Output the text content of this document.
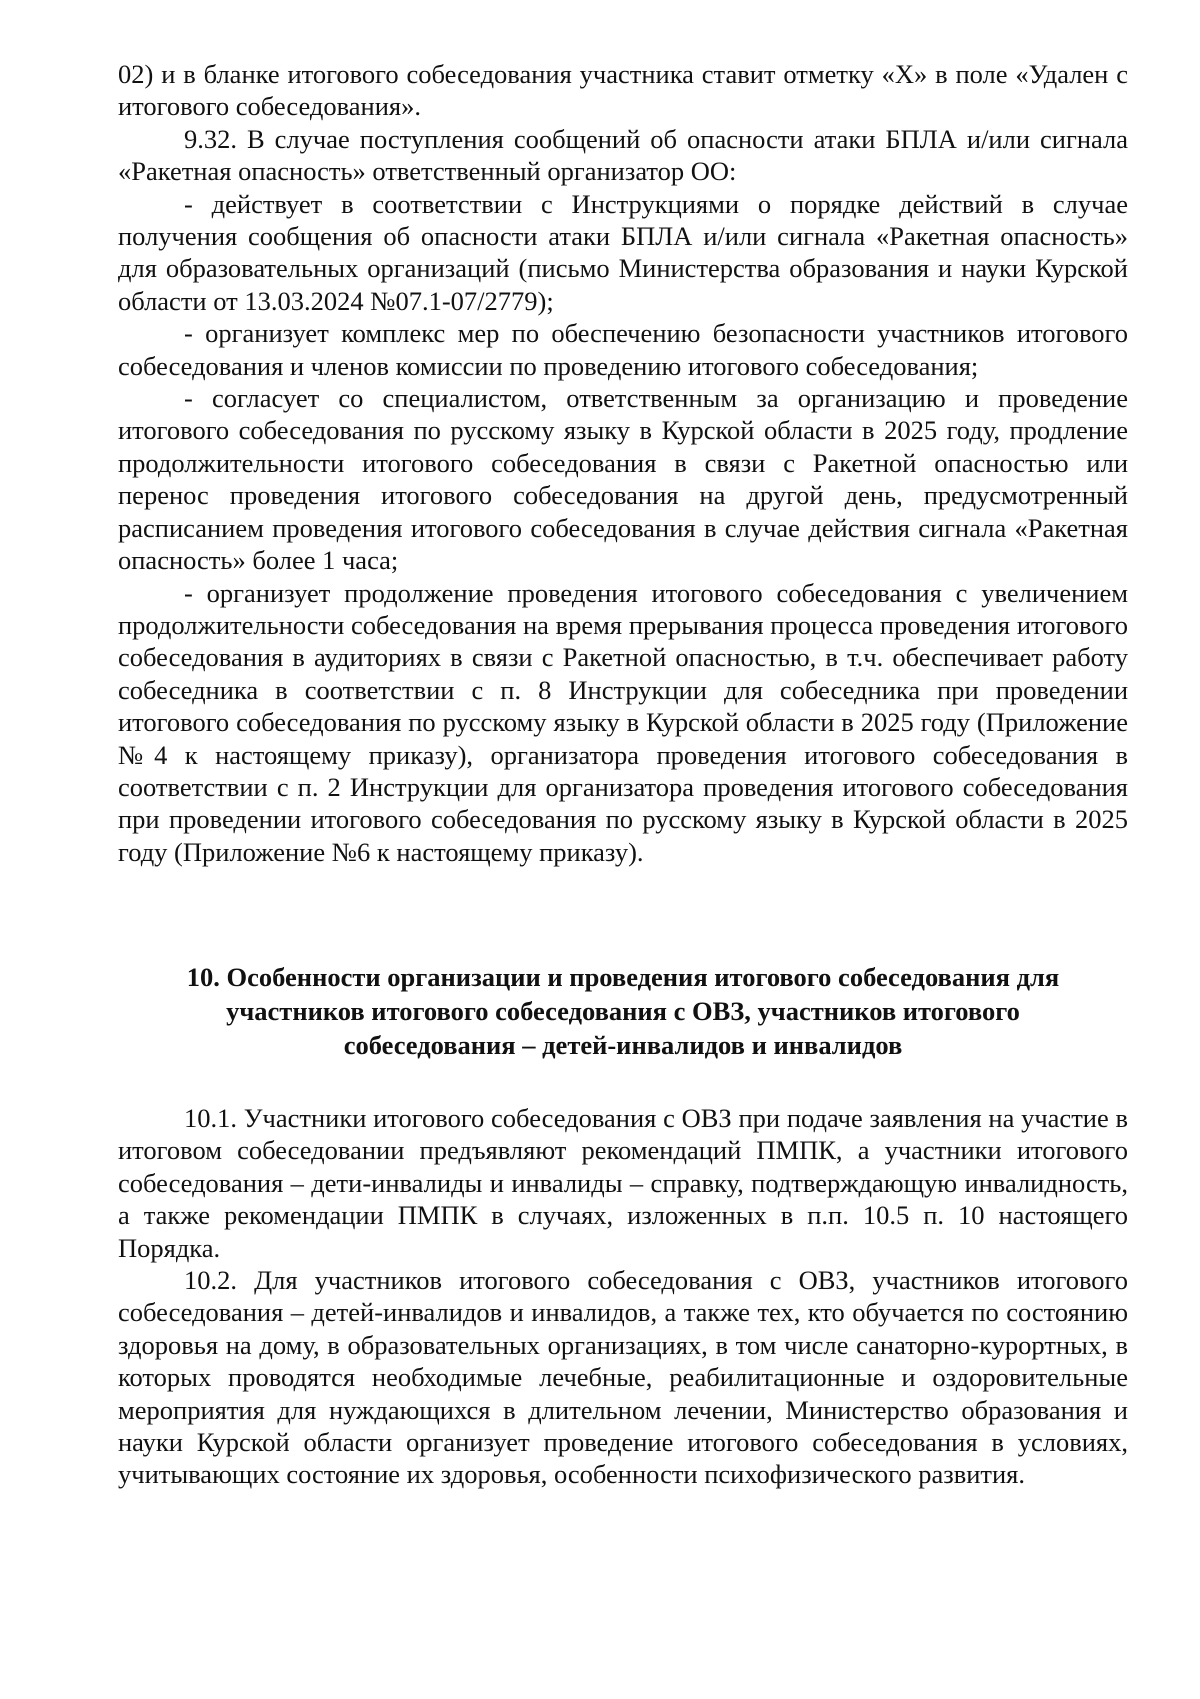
02) и в бланке итогового собеседования участника ставит отметку «Х» в поле «Удален с итогового собеседования».

9.32. В случае поступления сообщений об опасности атаки БПЛА и/или сигнала «Ракетная опасность» ответственный организатор ОО:

- действует в соответствии с Инструкциями о порядке действий в случае получения сообщения об опасности атаки БПЛА и/или сигнала «Ракетная опасность» для образовательных организаций (письмо Министерства образования и науки Курской области от 13.03.2024 №07.1-07/2779);

- организует комплекс мер по обеспечению безопасности участников итогового собеседования и членов комиссии по проведению итогового собеседования;

- согласует со специалистом, ответственным за организацию и проведение итогового собеседования по русскому языку в Курской области в 2025 году, продление продолжительности итогового собеседования в связи с Ракетной опасностью или перенос проведения итогового собеседования на другой день, предусмотренный расписанием проведения итогового собеседования в случае действия сигнала «Ракетная опасность» более 1 часа;

- организует продолжение проведения итогового собеседования с увеличением продолжительности собеседования на время прерывания процесса проведения итогового собеседования в аудиториях в связи с Ракетной опасностью, в т.ч. обеспечивает работу собеседника в соответствии с п. 8 Инструкции для собеседника при проведении итогового собеседования по русскому языку в Курской области в 2025 году (Приложение №4 к настоящему приказу), организатора проведения итогового собеседования в соответствии с п. 2 Инструкции для организатора проведения итогового собеседования при проведении итогового собеседования по русскому языку в Курской области в 2025 году (Приложение №6 к настоящему приказу).

10. Особенности организации и проведения итогового собеседования для
участников итогового собеседования с ОВЗ, участников итогового
собеседования – детей-инвалидов и инвалидов

10.1. Участники итогового собеседования с ОВЗ при подаче заявления на участие в итоговом собеседовании предъявляют рекомендаций ПМПК, а участники итогового собеседования – дети-инвалиды и инвалиды – справку, подтверждающую инвалидность, а также рекомендации ПМПК в случаях, изложенных в п.п. 10.5 п. 10 настоящего Порядка.

10.2. Для участников итогового собеседования с ОВЗ, участников итогового собеседования – детей-инвалидов и инвалидов, а также тех, кто обучается по состоянию здоровья на дому, в образовательных организациях, в том числе санаторно-курортных, в которых проводятся необходимые лечебные, реабилитационные и оздоровительные мероприятия для нуждающихся в длительном лечении, Министерство образования и науки Курской области организует проведение итогового собеседования в условиях, учитывающих состояние их здоровья, особенности психофизического развития.
